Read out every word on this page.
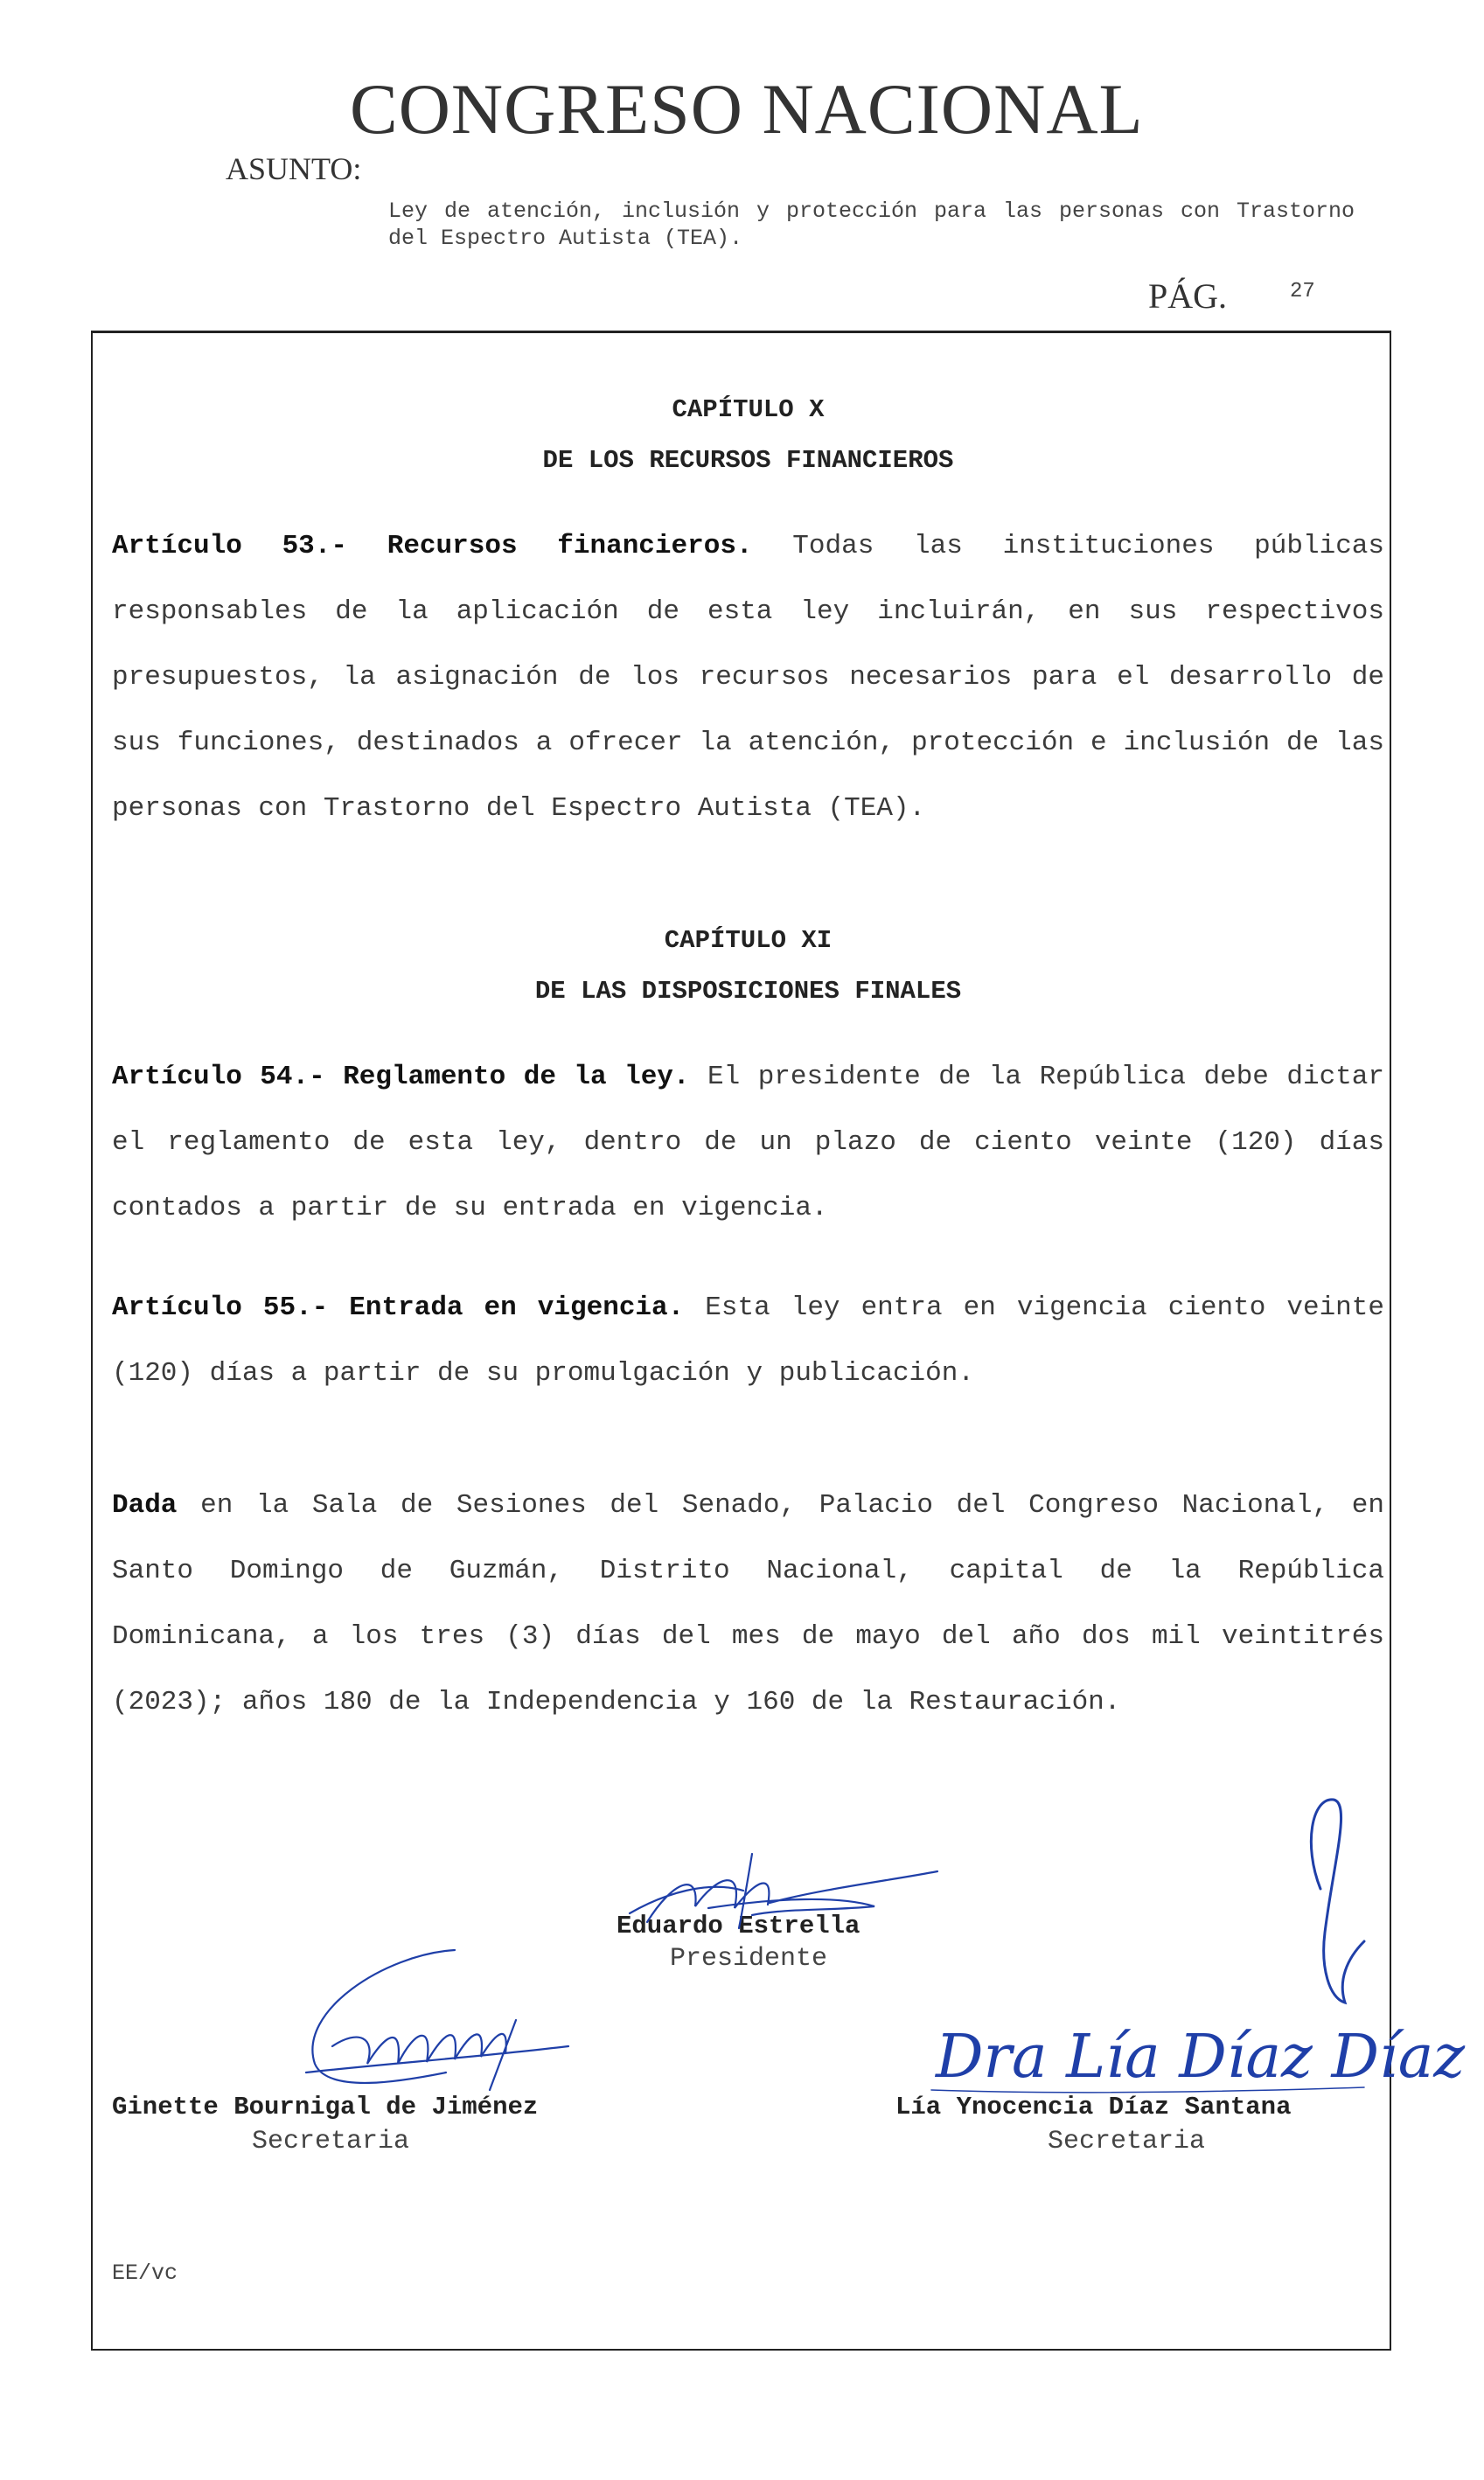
CONGRESO NACIONAL
ASUNTO:
Ley de atención, inclusión y protección para las personas con Trastorno del Espectro Autista (TEA).
PÁG.	27
CAPÍTULO X
DE LOS RECURSOS FINANCIEROS
Artículo 53.- Recursos financieros. Todas las instituciones públicas responsables de la aplicación de esta ley incluirán, en sus respectivos presupuestos, la asignación de los recursos necesarios para el desarrollo de sus funciones, destinados a ofrecer la atención, protección e inclusión de las personas con Trastorno del Espectro Autista (TEA).
CAPÍTULO XI
DE LAS DISPOSICIONES FINALES
Artículo 54.- Reglamento de la ley. El presidente de la República debe dictar el reglamento de esta ley, dentro de un plazo de ciento veinte (120) días contados a partir de su entrada en vigencia.
Artículo 55.- Entrada en vigencia. Esta ley entra en vigencia ciento veinte (120) días a partir de su promulgación y publicación.
Dada en la Sala de Sesiones del Senado, Palacio del Congreso Nacional, en Santo Domingo de Guzmán, Distrito Nacional, capital de la República Dominicana, a los tres (3) días del mes de mayo del año dos mil veintitrés (2023); años 180 de la Independencia y 160 de la Restauración.
Eduardo Estrella
Presidente
Ginette Bournigal de Jiménez
Secretaria
Lía Ynocencia Díaz Santana
Secretaria
Dra Lía Díaz Díaz
EE/vc
